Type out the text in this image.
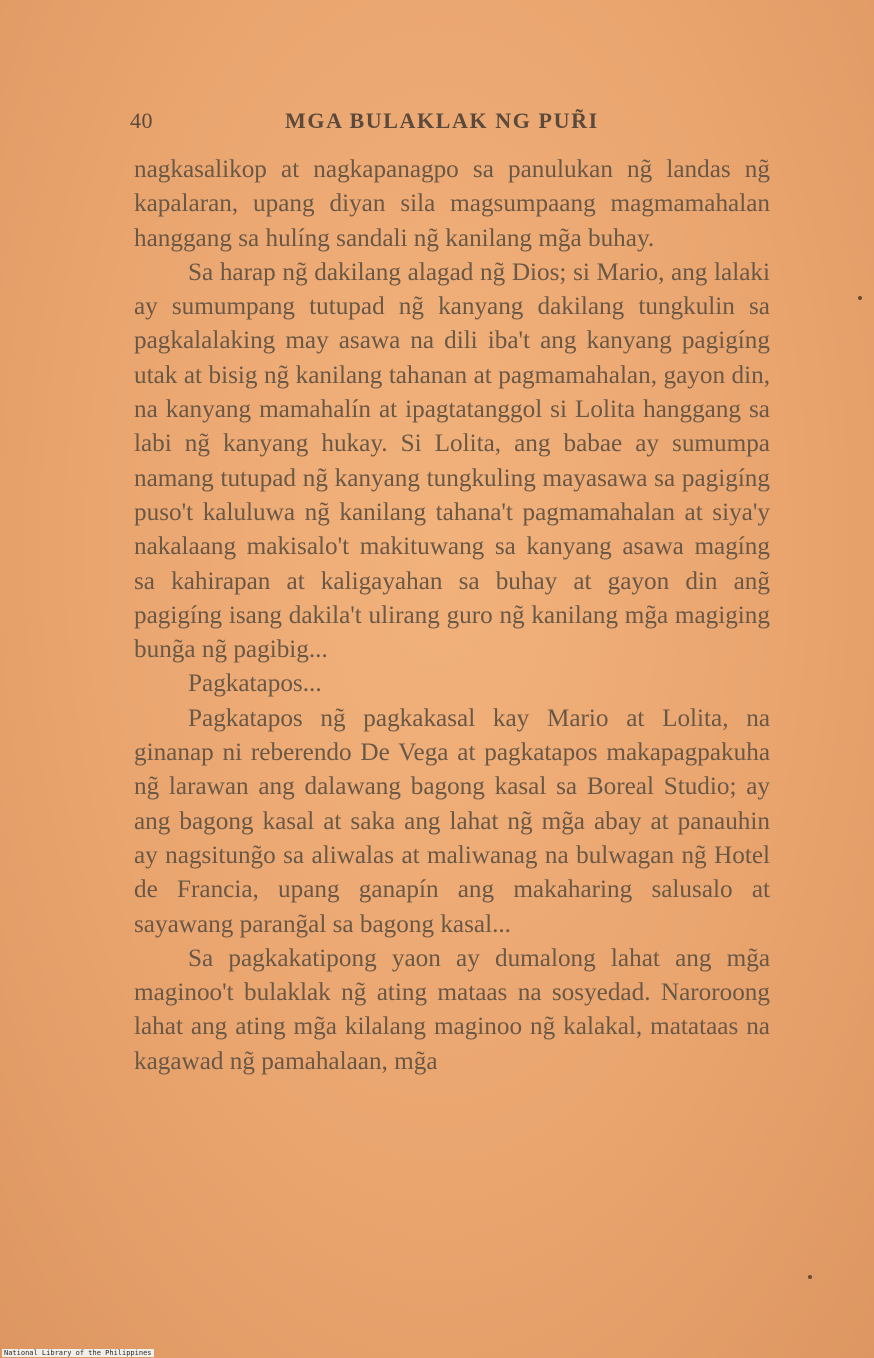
40	MGA BULAKLAK NG PUR̃I

nagkasalikop at nagkapanagpo sa panulukan ng̃ landas ng̃ kapalaran, upang diyan sila magsumpaang magmamahalan hanggang sa hulíng sandali ng̃ kanilang mg̃a buhay.

Sa harap ng̃ dakilang alagad ng̃ Dios; si Mario, ang lalaki ay sumumpang tutupad ng̃ kanyang dakilang tungkulin sa pagkalalaking may asawa na dili iba't ang kanyang pagigíng utak at bisig ng̃ kanilang tahanan at pagmamahalan, gayon din, na kanyang mamahalín at ipagtatanggol si Lolita hanggang sa labi ng̃ kanyang hukay. Si Lolita, ang babae ay sumumpa namang tutupad ng̃ kanyang tungkuling mayasawa sa pagigíng puso't kaluluwa ng̃ kanilang tahana't pagmamahalan at siya'y nakalaang makisalo't makituwang sa kanyang asawa magíng sa kahirapan at kaligayahan sa buhay at gayon din ang̃ pagigíng isang dakila't ulirang guro ng̃ kanilang mg̃a magiging bung̃a ng̃ pagibig...

Pagkatapos...

Pagkatapos ng̃ pagkakasal kay Mario at Lolita, na ginanap ni reberendo De Vega at pagkatapos makapagpakuha ng̃ larawan ang dalawang bagong kasal sa Boreal Studio; ay ang bagong kasal at saka ang lahat ng̃ mg̃a abay at panauhin ay nagsitung̃o sa aliwalas at maliwanag na bulwagan ng̃ Hotel de Francia, upang ganapín ang makaharing salusalo at sayawang parang̃al sa bagong kasal...

Sa pagkakatipong yaon ay dumalong lahat ang mg̃a maginoo't bulaklak ng̃ ating mataas na sosyedad. Naroroong lahat ang ating mg̃a kilalang maginoo ng̃ kalakal, matataas na kagawad ng̃ pamahalaan, mg̃a

National Library of the Philippines
